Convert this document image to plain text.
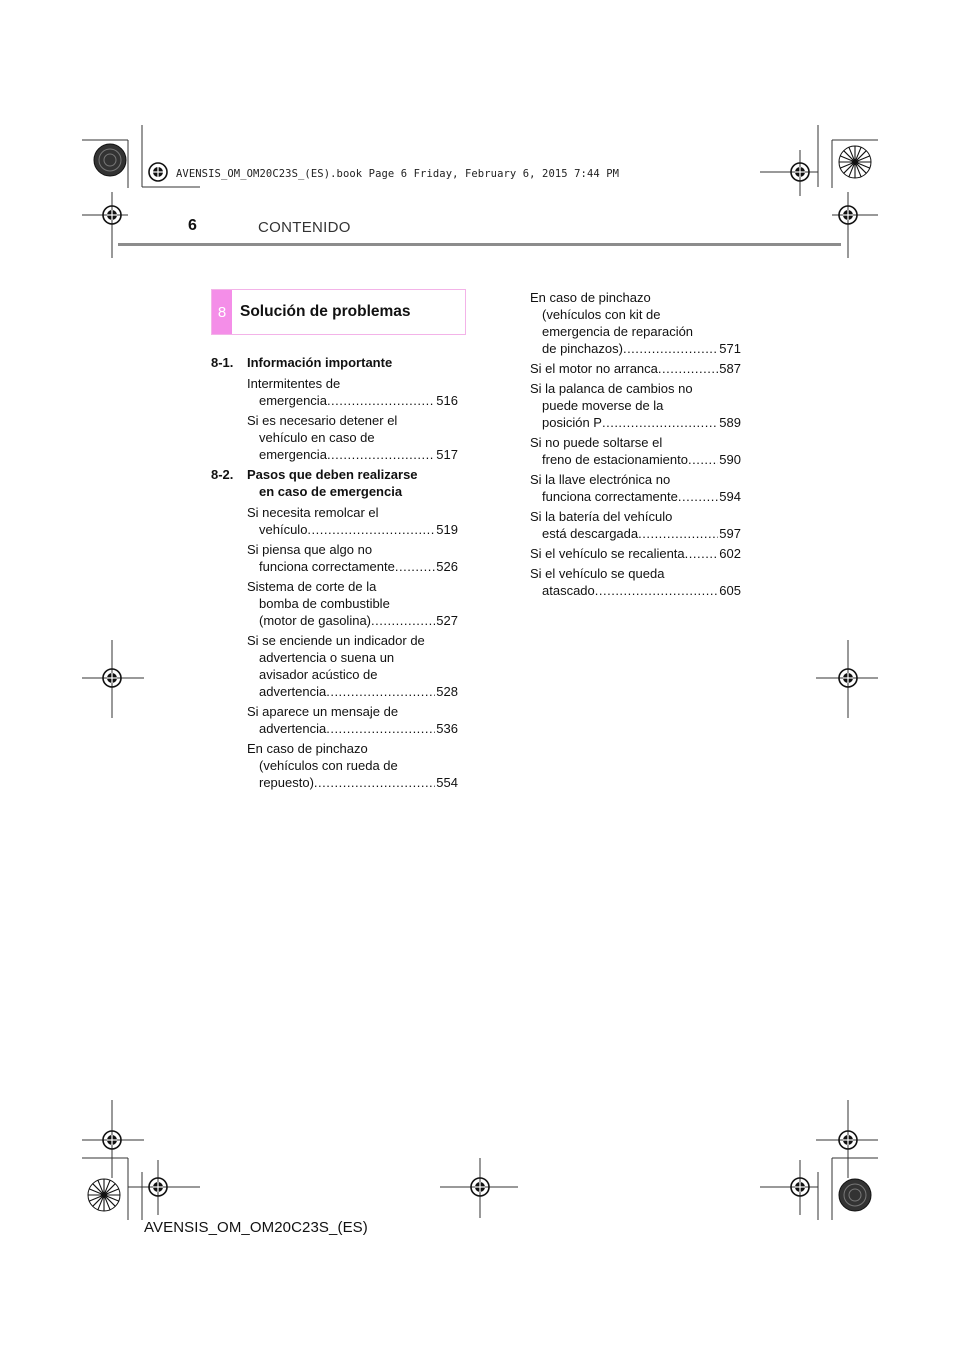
AVENSIS_OM_OM20C23S_(ES).book Page 6 Friday, February 6, 2015 7:44 PM
6	CONTENIDO
8 Solución de problemas
8-1.	Información importante
Intermitentes de
emergencia .....	516
Si es necesario detener el
vehículo en caso de
emergencia .....	517
8-2.	Pasos que deben realizarse
en caso de emergencia
Si necesita remolcar el
vehículo .....	519
Si piensa que algo no
funciona correctamente .....	526
Sistema de corte de la
bomba de combustible
(motor de gasolina) .....	527
Si se enciende un indicador de
advertencia o suena un
avisador acústico de
advertencia .....	528
Si aparece un mensaje de
advertencia .....	536
En caso de pinchazo
(vehículos con rueda de
repuesto) .....	554
En caso de pinchazo
(vehículos con kit de
emergencia de reparación
de pinchazos) .....	571
Si el motor no arranca .....	587
Si la palanca de cambios no
puede moverse de la
posición P .....	589
Si no puede soltarse el
freno de estacionamiento ..... 590
Si la llave electrónica no
funciona correctamente .....	594
Si la batería del vehículo
está descargada .....	597
Si el vehículo se recalienta .....	602
Si el vehículo se queda
atascado .....	605
AVENSIS_OM_OM20C23S_(ES)
